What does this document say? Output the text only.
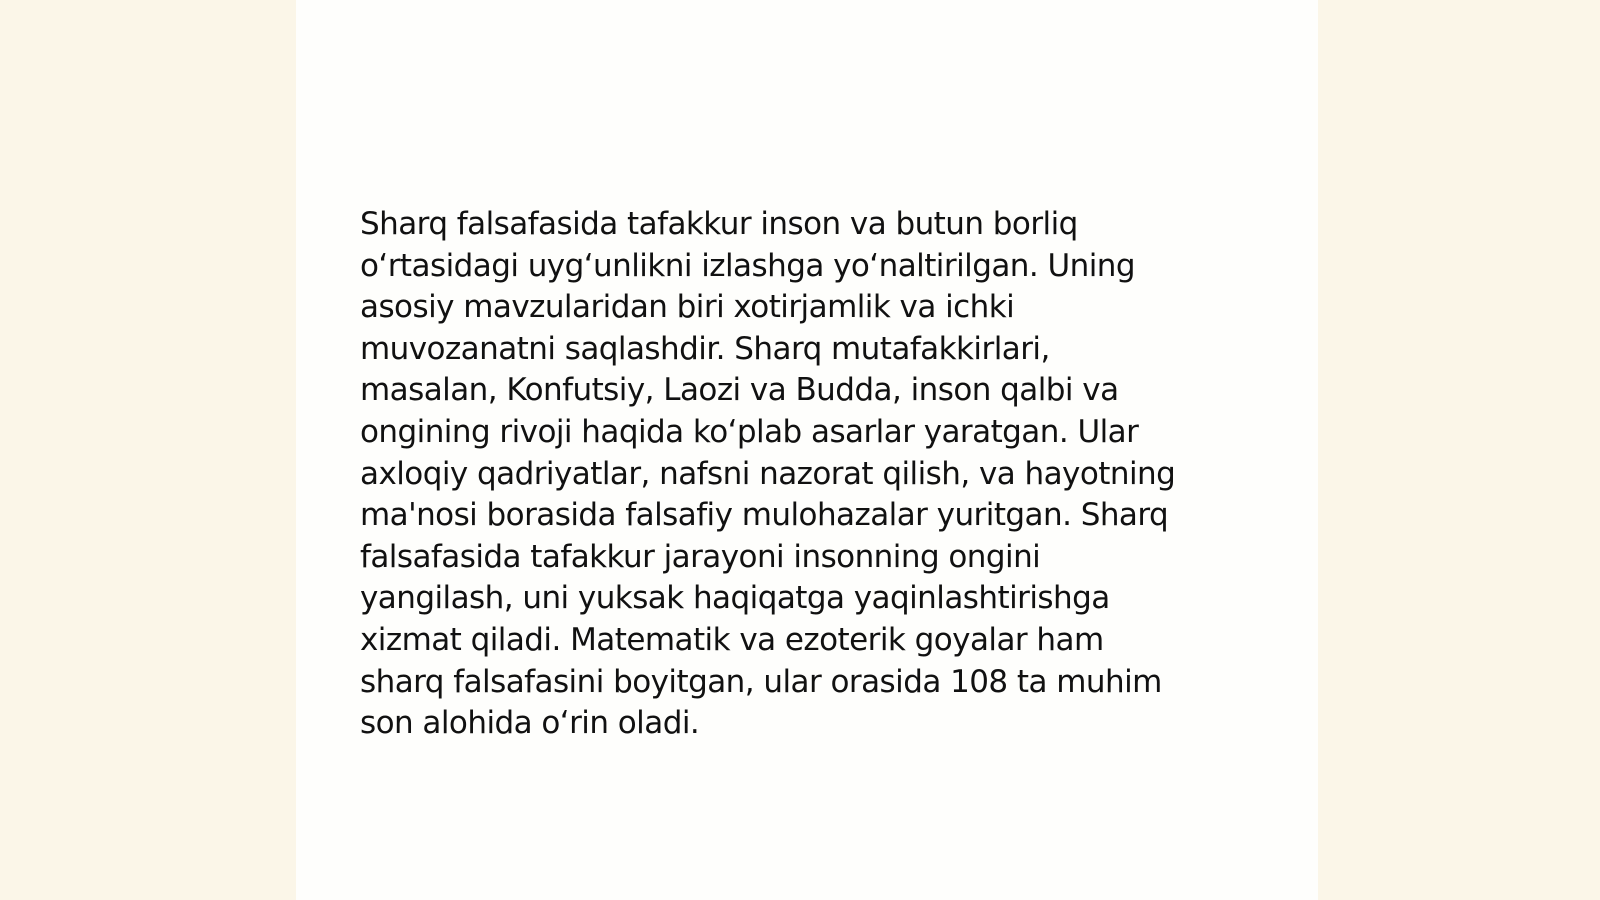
Sharq falsafasida tafakkur inson va butun borliq
o‘rtasidagi uyg‘unlikni izlashga yo‘naltirilgan. Uning
asosiy mavzularidan biri xotirjamlik va ichki
muvozanatni saqlashdir. Sharq mutafakkirlari,
masalan, Konfutsiy, Laozi va Budda, inson qalbi va
ongining rivoji haqida ko‘plab asarlar yaratgan. Ular
axloqiy qadriyatlar, nafsni nazorat qilish, va hayotning
ma'nosi borasida falsafiy mulohazalar yuritgan. Sharq
falsafasida tafakkur jarayoni insonning ongini
yangilash, uni yuksak haqiqatga yaqinlashtirishga
xizmat qiladi. Matematik va ezoterik goyalar ham
sharq falsafasini boyitgan, ular orasida 108 ta muhim
son alohida o‘rin oladi.
